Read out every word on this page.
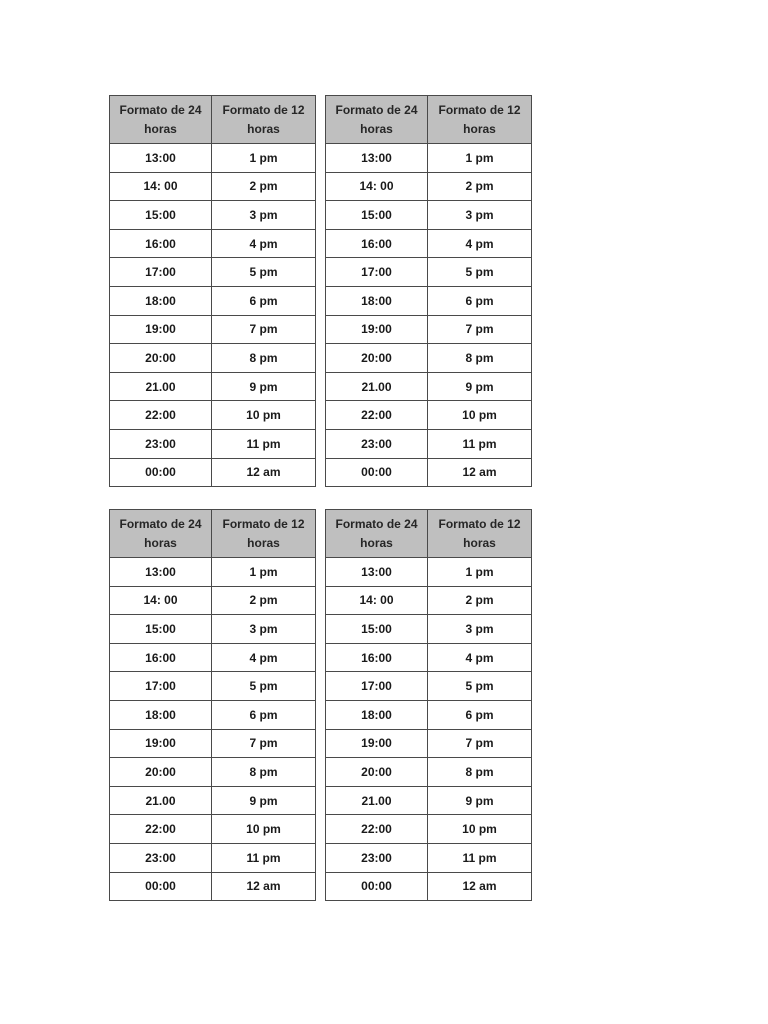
Formato de 24
horas	Formato de 12
horas

13:00	1 pm
14: 00	2 pm
15:00	3 pm
16:00	4 pm
17:00	5 pm
18:00	6 pm
19:00	7 pm
20:00	8 pm
21.00	9 pm
22:00	10 pm
23:00	11 pm
00:00	12 am
Formato de 24
horas	Formato de 12
horas

13:00	1 pm
14: 00	2 pm
15:00	3 pm
16:00	4 pm
17:00	5 pm
18:00	6 pm
19:00	7 pm
20:00	8 pm
21.00	9 pm
22:00	10 pm
23:00	11 pm
00:00	12 am
Formato de 24
horas	Formato de 12
horas

13:00	1 pm
14: 00	2 pm
15:00	3 pm
16:00	4 pm
17:00	5 pm
18:00	6 pm
19:00	7 pm
20:00	8 pm
21.00	9 pm
22:00	10 pm
23:00	11 pm
00:00	12 am
Formato de 24
horas	Formato de 12
horas

13:00	1 pm
14: 00	2 pm
15:00	3 pm
16:00	4 pm
17:00	5 pm
18:00	6 pm
19:00	7 pm
20:00	8 pm
21.00	9 pm
22:00	10 pm
23:00	11 pm
00:00	12 am
